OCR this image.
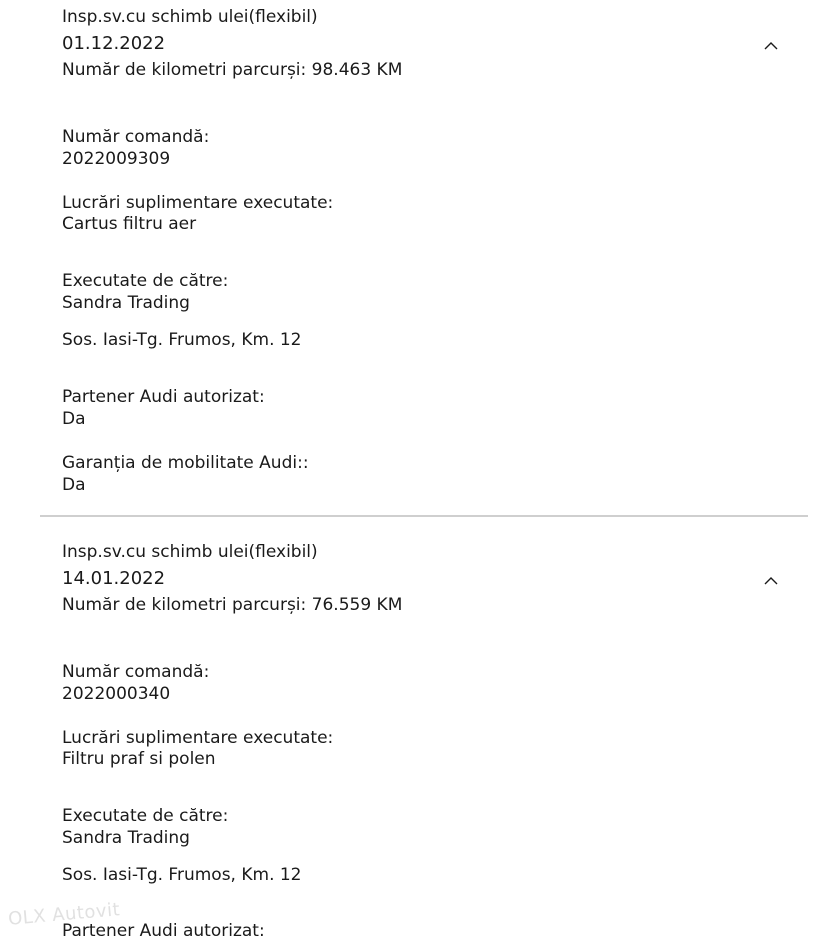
Insp.sv.cu schimb ulei(flexibil)
01.12.2022
Număr de kilometri parcurși: 98.463 KM
Număr comandă:
2022009309
Lucrări suplimentare executate:
Cartus filtru aer
Executate de către:
Sandra Trading
Sos. Iasi-Tg. Frumos, Km. 12
Partener Audi autorizat:
Da
Garanția de mobilitate Audi::
Da
Insp.sv.cu schimb ulei(flexibil)
14.01.2022
Număr de kilometri parcurși: 76.559 KM
Număr comandă:
2022000340
Lucrări suplimentare executate:
Filtru praf si polen
Executate de către:
Sandra Trading
Sos. Iasi-Tg. Frumos, Km. 12
Partener Audi autorizat:
OLX Autovit
